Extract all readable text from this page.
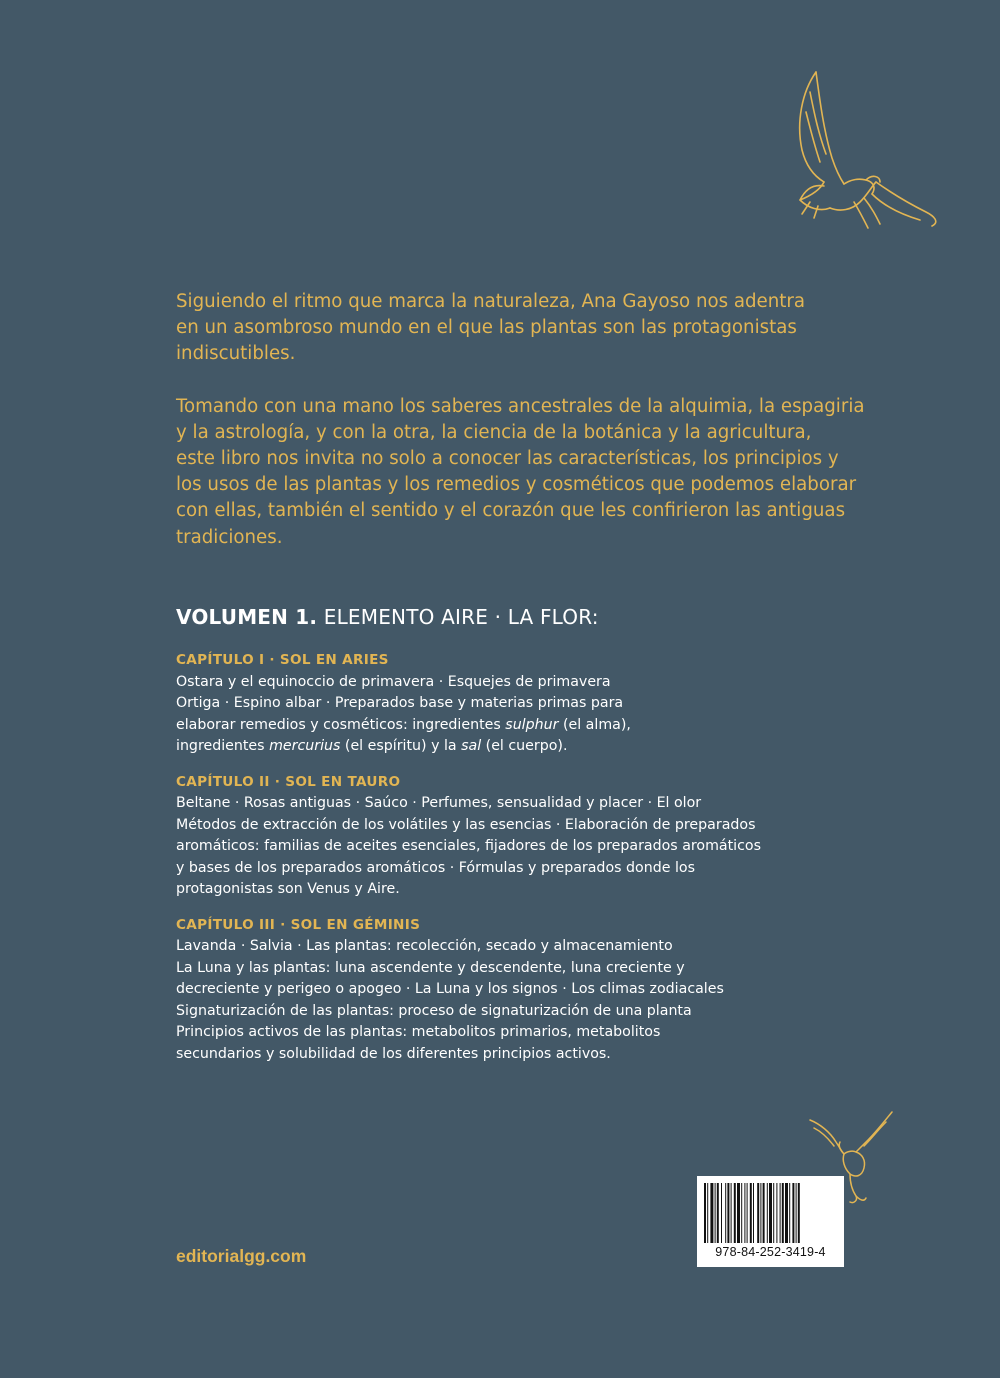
Siguiendo el ritmo que marca la naturaleza, Ana Gayoso nos adentra
en un asombroso mundo en el que las plantas son las protagonistas
indiscutibles.

Tomando con una mano los saberes ancestrales de la alquimia, la espagiria
y la astrología, y con la otra, la ciencia de la botánica y la agricultura,
este libro nos invita no solo a conocer las características, los principios y
los usos de las plantas y los remedios y cosméticos que podemos elaborar
con ellas, también el sentido y el corazón que les confirieron las antiguas
tradiciones.

VOLUMEN 1. ELEMENTO AIRE · LA FLOR:
CAPÍTULO I · SOL EN ARIES
Ostara y el equinoccio de primavera · Esquejes de primavera
Ortiga · Espino albar · Preparados base y materias primas para
elaborar remedios y cosméticos: ingredientes sulphur (el alma),
ingredientes mercurius (el espíritu) y la sal (el cuerpo).
CAPÍTULO II · SOL EN TAURO
Beltane · Rosas antiguas · Saúco · Perfumes, sensualidad y placer · El olor
Métodos de extracción de los volátiles y las esencias · Elaboración de preparados
aromáticos: familias de aceites esenciales, fijadores de los preparados aromáticos
y bases de los preparados aromáticos · Fórmulas y preparados donde los
protagonistas son Venus y Aire.
CAPÍTULO III · SOL EN GÉMINIS
Lavanda · Salvia · Las plantas: recolección, secado y almacenamiento
La Luna y las plantas: luna ascendente y descendente, luna creciente y
decreciente y perigeo o apogeo · La Luna y los signos · Los climas zodiacales
Signaturización de las plantas: proceso de signaturización de una planta
Principios activos de las plantas: metabolitos primarios, metabolitos
secundarios y solubilidad de los diferentes principios activos.
editorialgg.com	978-84-252-3419-4
